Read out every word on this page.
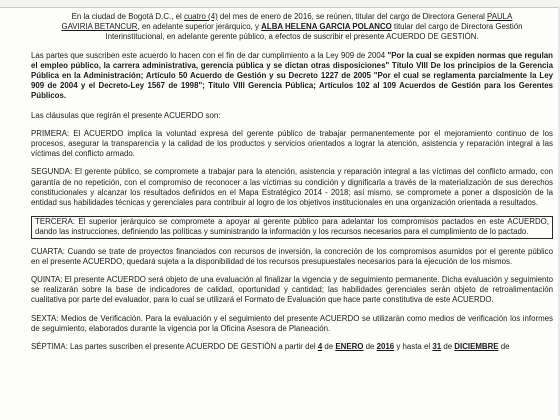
En la ciudad de Bogotá D.C., el cuatro (4) del mes de enero de 2016, se reúnen, titular del cargo de Directora General PAULA

GAVIRIA BETANCUR, en adelante superior jerárquico, y ALBA HELENA GARCIA POLANCO titular del cargo de Directora Gestión

Interinstitucional, en adelante gerente público, a efectos de suscribir el presente ACUERDO DE GESTIÓN.

Las partes que suscriben este acuerdo lo hacen con el fin de dar cumplimiento a la Ley 909 de 2004 "Por la cual se expiden normas que regulan el empleo público, la carrera administrativa, gerencia pública y se dictan otras disposiciones" Título VIII De los principios de la Gerencia Pública en la Administración; Artículo 50 Acuerdo de Gestión y su Decreto 1227 de 2005 "Por el cual se reglamenta parcialmente la Ley 909 de 2004 y el Decreto-Ley 1567 de 1998"; Título VIII Gerencia Pública; Artículos 102 al 109 Acuerdos de Gestión para los Gerentes Públicos.

Las cláusulas que regirán el presente ACUERDO son:

PRIMERA: El ACUERDO implica la voluntad expresa del gerente público de trabajar permanentemente por el mejoramiento continuo de los procesos, asegurar la transparencia y la calidad de los productos y servicios orientados a lograr la atención, asistencia y reparación integral a las víctimas del conflicto armado.

SEGUNDA: El gerente público, se compromete a trabajar para la atención, asistencia y reparación integral a las víctimas del conflicto armado, con garantía de no repetición, con el compromiso de reconocer a las víctimas su condición y dignificarla a través de la materialización de sus derechos constitucionales y alcanzar los resultados definidos en el Mapa Estratégico 2014 - 2018; así mismo, se compromete a poner a disposición de la entidad sus habilidades técnicas y gerenciales para contribuir al logro de los objetivos institucionales en una organización orientada a resultados.

TERCERA: El superior jerárquico se compromete a apoyar al gerente público para adelantar los compromisos pactados en este ACUERDO, dando las instrucciones, definiendo las políticas y suministrando la información y los recursos necesarios para el cumplimiento de lo pactado.

CUARTA: Cuando se trate de proyectos financiados con recursos de inversión, la concreción de los compromisos asumidos por el gerente público en el presente ACUERDO, quedará sujeta a la disponibilidad de los recursos presupuestales necesarios para la ejecución de los mismos.

QUINTA: El presente ACUERDO será objeto de una evaluación al finalizar la vigencia y de seguimiento permanente. Dicha evaluación y seguimiento se realizarán sobre la base de indicadores de calidad, oportunidad y cantidad; las habilidades gerenciales serán objeto de retroalimentación cualitativa por parte del evaluador, para lo cual se utilizará el Formato de Evaluación que hace parte constitutiva de este ACUERDO.

SEXTA: Medios de Verificación. Para la evaluación y el seguimiento del presente ACUERDO se utilizarán como medios de verificación los informes de seguimiento, elaborados durante la vigencia por la Oficina Asesora de Planeación.

SÉPTIMA: Las partes suscriben el presente ACUERDO DE GESTIÓN a partir del 4 de ENERO de 2016 y hasta el 31 de DICIEMBRE de
